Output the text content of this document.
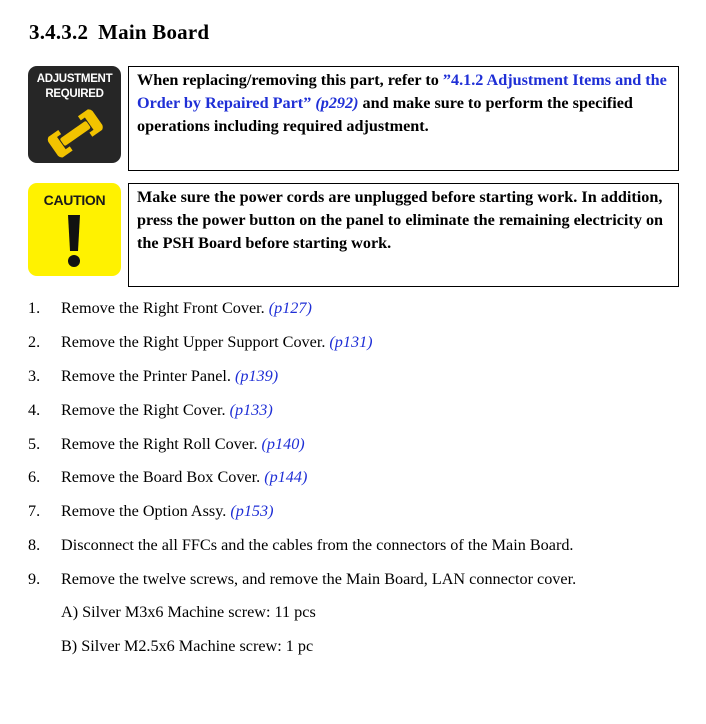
3.4.3.2 Main Board
ADJUSTMENT
REQUIRED
When replacing/removing this part, refer to ”4.1.2 Adjustment Items and the Order by Repaired Part” (p292) and make sure to perform the specified operations including required adjustment.
CAUTION	Make sure the power cords are unplugged before starting work. In addition, press the power button on the panel to eliminate the remaining electricity on the PSH Board before starting work.
1.	Remove the Right Front Cover. (p127)
2.	Remove the Right Upper Support Cover. (p131)
3.	Remove the Printer Panel. (p139)
4.	Remove the Right Cover. (p133)
5.	Remove the Right Roll Cover. (p140)
6.	Remove the Board Box Cover. (p144)
7.	Remove the Option Assy. (p153)
8.	Disconnect the all FFCs and the cables from the connectors of the Main Board.
9.	Remove the twelve screws, and remove the Main Board, LAN connector cover.
A) Silver M3x6 Machine screw: 11 pcs
B) Silver M2.5x6 Machine screw: 1 pc
